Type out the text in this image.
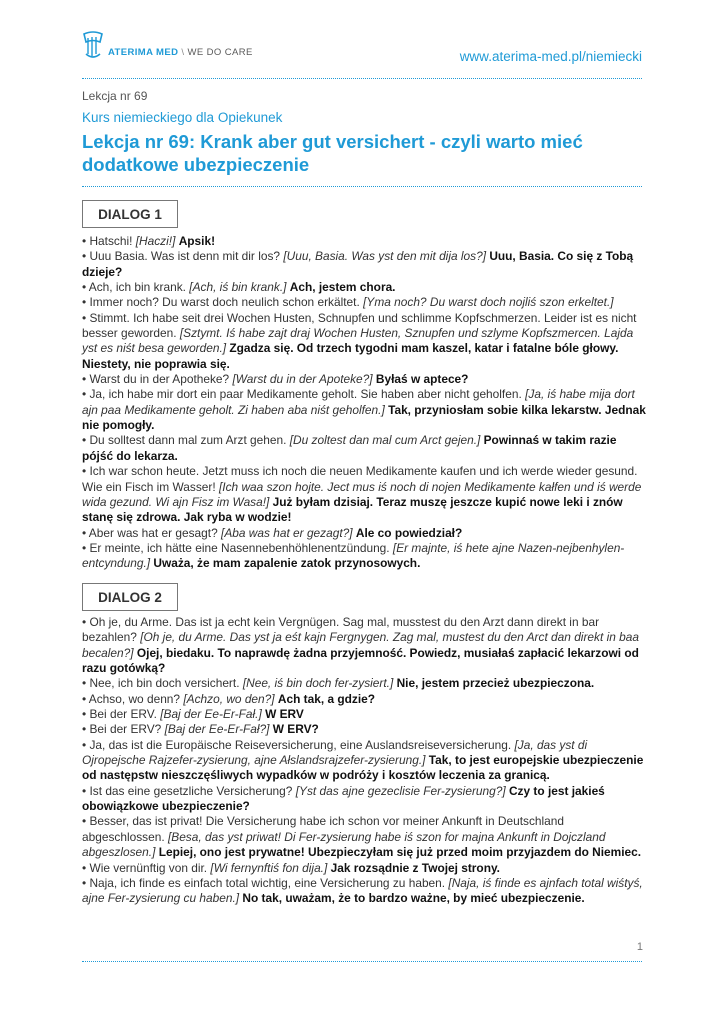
ATERIMA MED \ WE DO CARE	www.aterima-med.pl/niemiecki
Lekcja nr 69
Kurs niemieckiego dla Opiekunek
Lekcja nr 69: Krank aber gut versichert - czyli warto mieć dodatkowe ubezpieczenie
DIALOG 1

• Hatschi! [Haczi!] Apsik!

• Uuu Basia. Was ist denn mit dir los? [Uuu, Basia. Was yst den mit dija los?] Uuu, Basia. Co się z Tobą dzieje?

• Ach, ich bin krank. [Ach, iś bin krank.] Ach, jestem chora.

• Immer noch? Du warst doch neulich schon erkältet. [Yma noch? Du warst doch nojliś szon erkeltet.]

• Stimmt. Ich habe seit drei Wochen Husten, Schnupfen und schlimme Kopfschmerzen. Leider ist es nicht besser geworden. [Sztymt. Iś habe zajt draj Wochen Husten, Sznupfen und szlyme Kopfszmercen. Lajda yst es niśt besa geworden.] Zgadza się. Od trzech tygodni mam kaszel, katar i fatalne bóle głowy. Niestety, nie poprawia się.

• Warst du in der Apotheke? [Warst du in der Apoteke?] Byłaś w aptece?

• Ja, ich habe mir dort ein paar Medikamente geholt. Sie haben aber nicht geholfen. [Ja, iś habe mija dort ajn paa Medikamente geholt. Zi haben aba niśt geholfen.] Tak, przyniosłam sobie kilka lekarstw. Jednak nie pomogły.

• Du solltest dann mal zum Arzt gehen. [Du zoltest dan mal cum Arct gejen.] Powinnaś w takim razie pójść do lekarza.

• Ich war schon heute. Jetzt muss ich noch die neuen Medikamente kaufen und ich werde wieder gesund. Wie ein Fisch im Wasser! [Ich waa szon hojte. Ject mus iś noch di nojen Medikamente kałfen und iś werde wida gezund. Wi ajn Fisz im Wasa!] Już byłam dzisiaj. Teraz muszę jeszcze kupić nowe leki i znów stanę się zdrowa. Jak ryba w wodzie!

• Aber was hat er gesagt? [Aba was hat er gezagt?] Ale co powiedział?

• Er meinte, ich hätte eine Nasennebenhöhlenentzündung. [Er majnte, iś hete ajne Nazen-nejbenhylen-entcyndung.] Uważa, że mam zapalenie zatok przynosowych.

DIALOG 2

• Oh je, du Arme. Das ist ja echt kein Vergnügen. Sag mal, musstest du den Arzt dann direkt in bar bezahlen? [Oh je, du Arme. Das yst ja eśt kajn Fergnygen. Zag mal, mustest du den Arct dan direkt in baa becalen?] Ojej, biedaku. To naprawdę żadna przyjemność. Powiedz, musiałaś zapłacić lekarzowi od razu gotówką?

• Nee, ich bin doch versichert. [Nee, iś bin doch fer-zysiert.] Nie, jestem przecież ubezpieczona.

• Achso, wo denn? [Achzo, wo den?] Ach tak, a gdzie?

• Bei der ERV. [Baj der Ee-Er-Fał.] W ERV

• Bei der ERV? [Baj der Ee-Er-Fał?] W ERV?

• Ja, das ist die Europäische Reiseversicherung, eine Auslandsreiseversicherung. [Ja, das yst di Ojropejsche Rajzefer-zysierung, ajne Ałslandsrajzefer-zysierung.] Tak, to jest europejskie ubezpieczenie od następstw nieszczęśliwych wypadków w podróży i kosztów leczenia za granicą.

• Ist das eine gesetzliche Versicherung? [Yst das ajne gezeclisie Fer-zysierung?] Czy to jest jakieś obowiązkowe ubezpieczenie?

• Besser, das ist privat! Die Versicherung habe ich schon vor meiner Ankunft in Deutschland abgeschlossen. [Besa, das yst priwat! Di Fer-zysierung habe iś szon for majna Ankunft in Dojczland abgeszlosen.] Lepiej, ono jest prywatne! Ubezpieczyłam się już przed moim przyjazdem do Niemiec.

• Wie vernünftig von dir. [Wi fernynftiś fon dija.] Jak rozsądnie z Twojej strony.

• Naja, ich finde es einfach total wichtig, eine Versicherung zu haben. [Naja, iś finde es ajnfach total wiśtyś, ajne Fer-zysierung cu haben.] No tak, uważam, że to bardzo ważne, by mieć ubezpieczenie.

1
